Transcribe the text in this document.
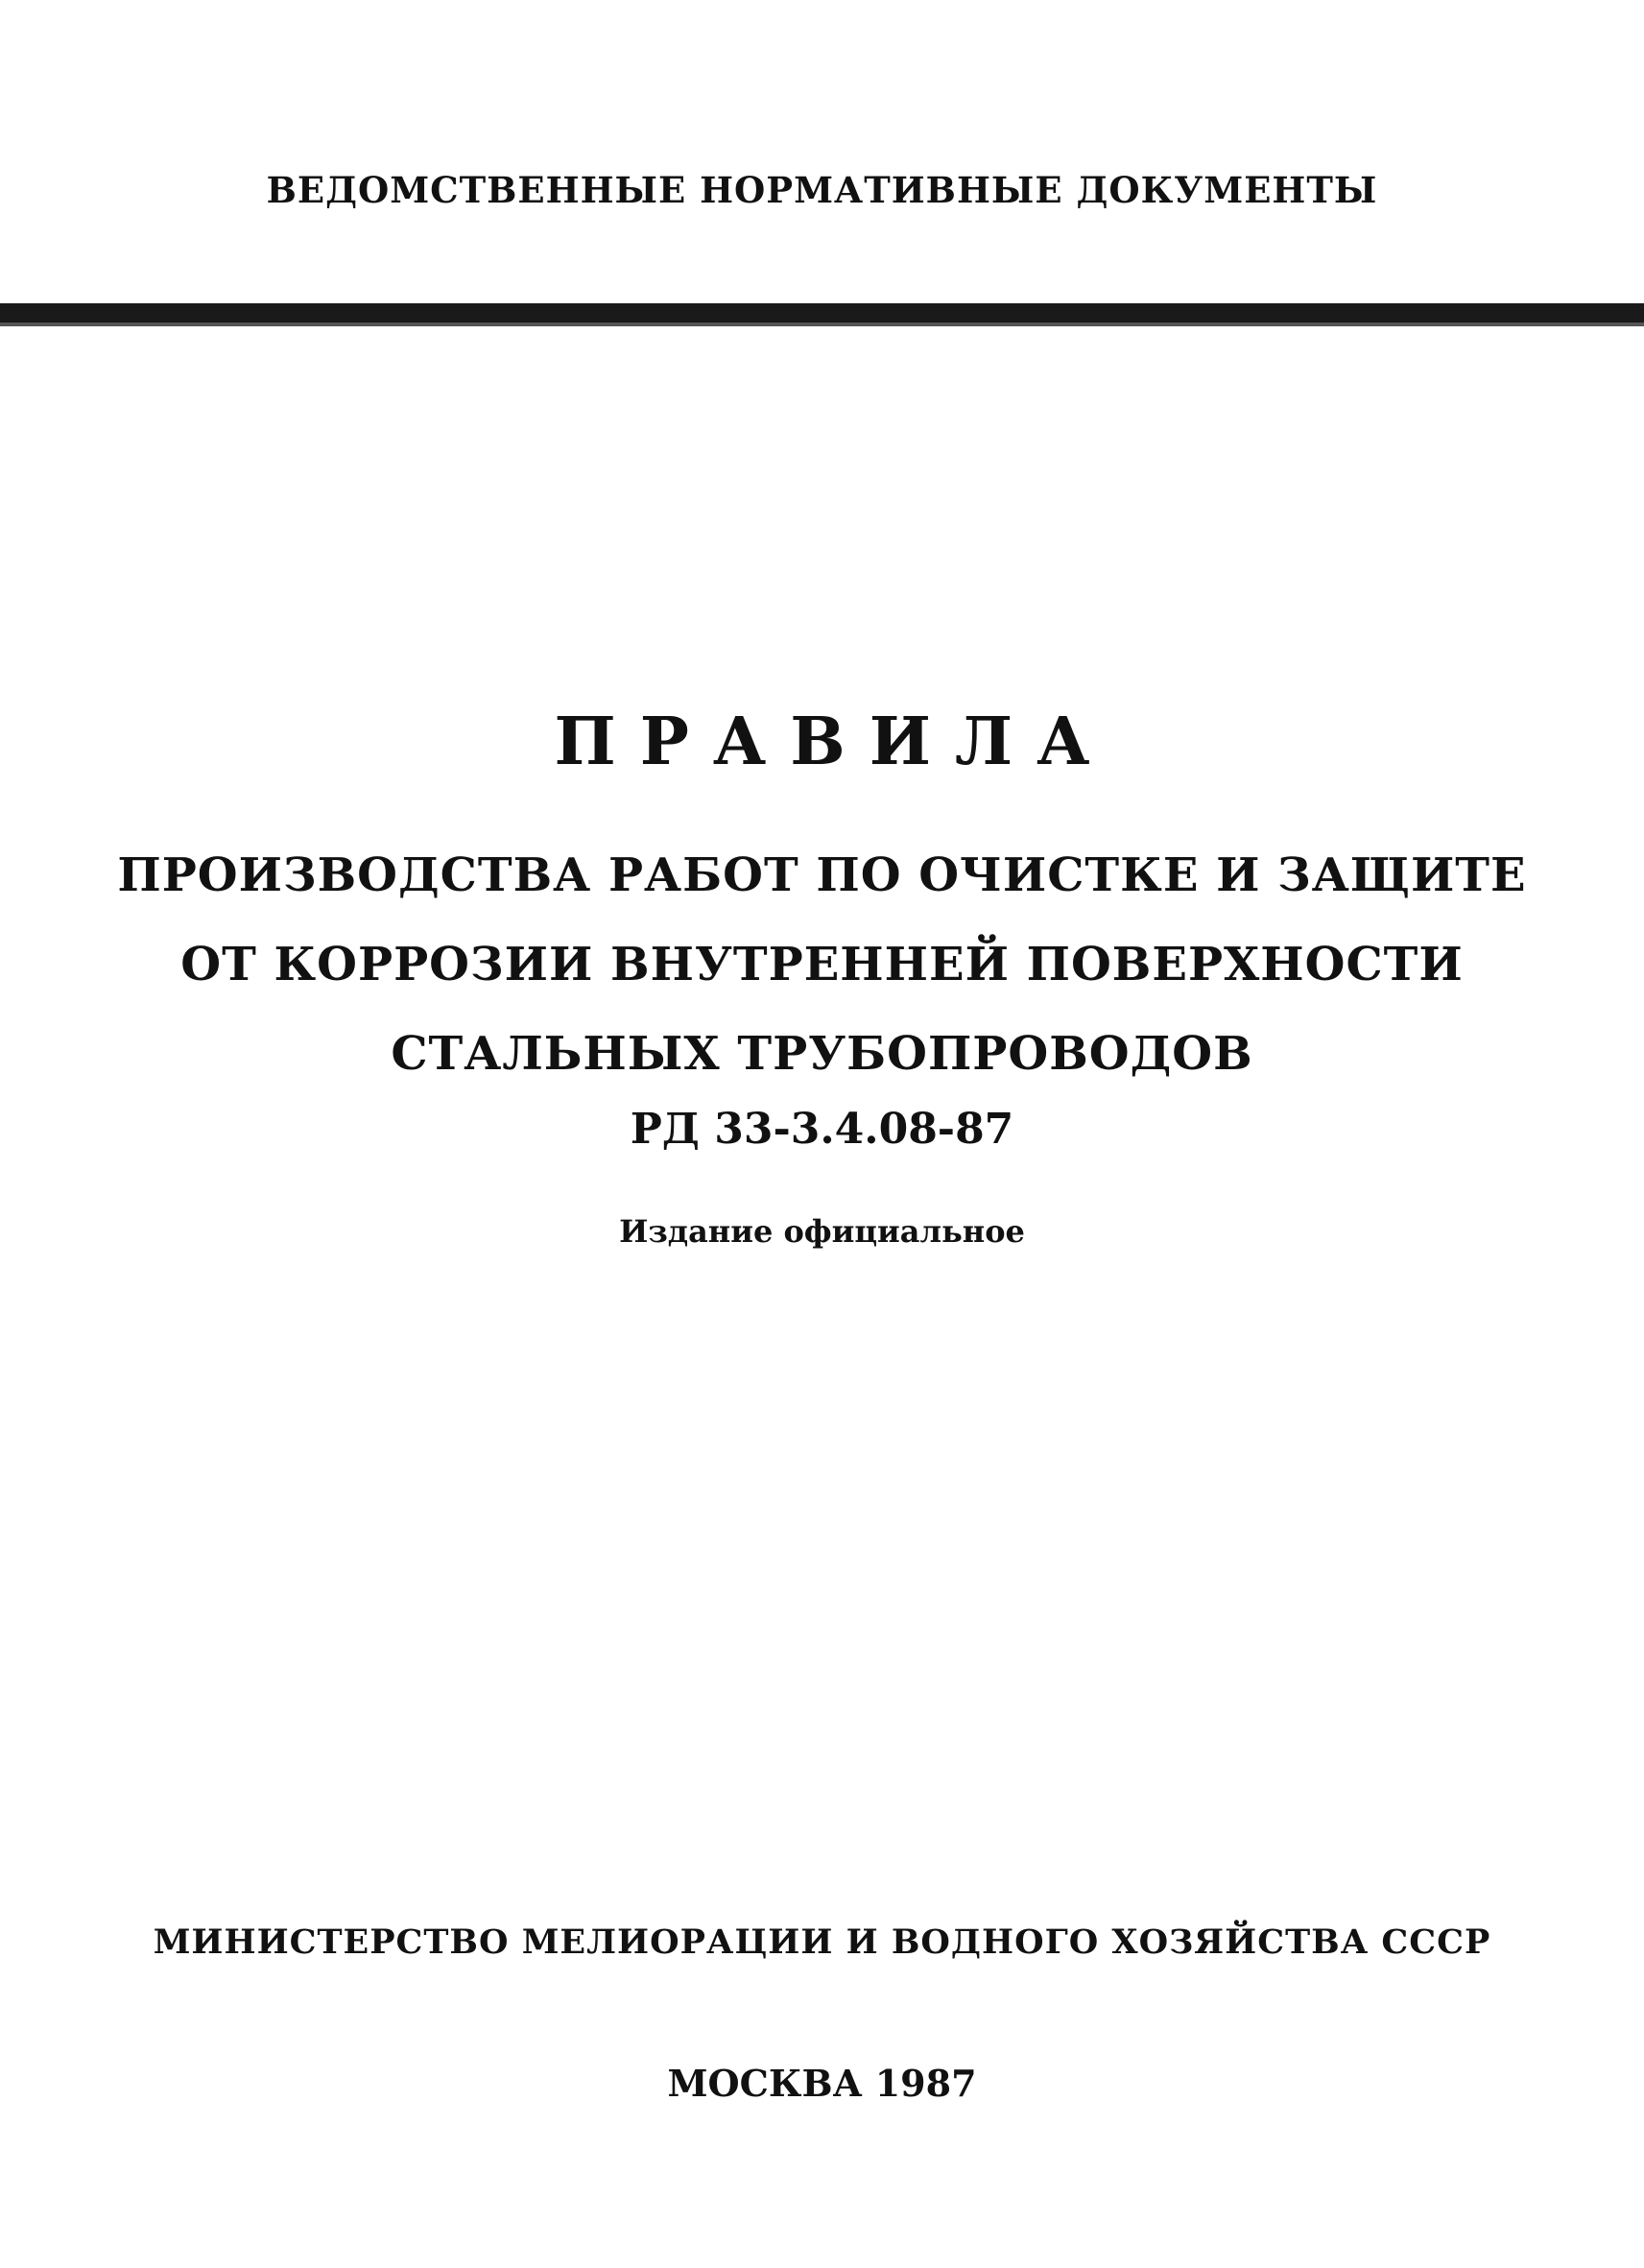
ВЕДОМСТВЕННЫЕ НОРМАТИВНЫЕ ДОКУМЕНТЫ
ПРАВИЛА
ПРОИЗВОДСТВА РАБОТ ПО ОЧИСТКЕ И ЗАЩИТЕ
ОТ КОРРОЗИИ ВНУТРЕННЕЙ ПОВЕРХНОСТИ
СТАЛЬНЫХ ТРУБОПРОВОДОВ
РД 33-3.4.08-87
Издание официальное
МИНИСТЕРСТВО МЕЛИОРАЦИИ И ВОДНОГО ХОЗЯЙСТВА СССР
МОСКВА 1987
